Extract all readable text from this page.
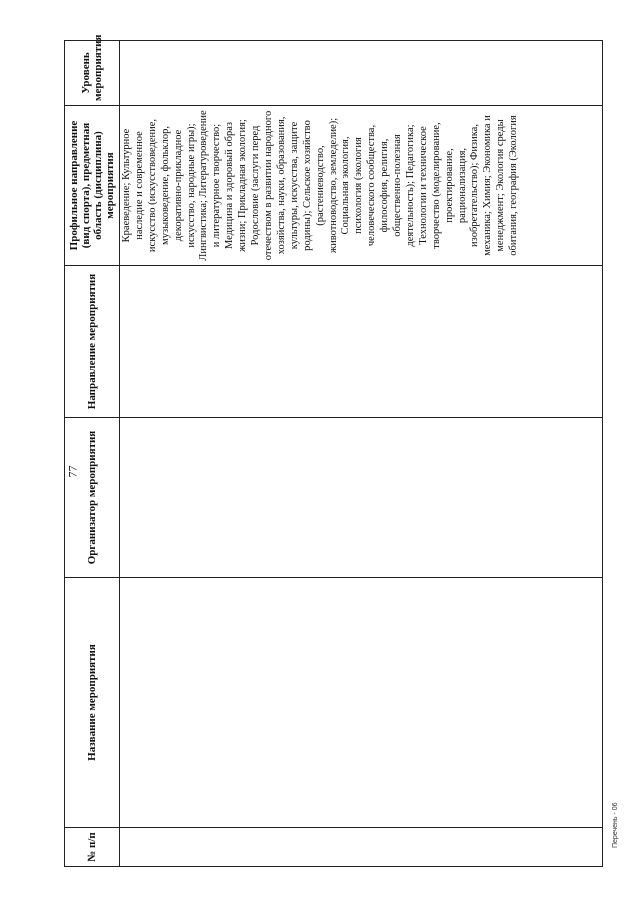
77
№ п/п	Название мероприятия	Организатор мероприятия	Направление мероприятия	Профильное направление (вид спорта), предметная область (дисциплина) мероприятия	Уровень мероприятия
				Краеведение; Культурное наследие и современное искусство (искусствоведение, музыковедение, фольклор, декоративно-прикладное искусство, народные игры); Лингвистика; Литературоведение и литературное творчество; Медицина и здоровый образ жизни; Прикладная экология; Родословие (заслуги перед отечеством в развитии народного хозяйства, науки, образования, культуры, искусства, защите родины); Сельское хозяйство (растениеводство, животноводство, земледелие); Социальная экология, психология (экология человеческого сообщества, философия, религия, общественно-полезная деятельность); Педагогика; Технологии и техническое творчество (моделирование, проектирование, рационализация, изобретательство); Физика, механика; Химия; Экономика и менеджмент; Экология среды обитания, география (Экология	
Перечень - 06
